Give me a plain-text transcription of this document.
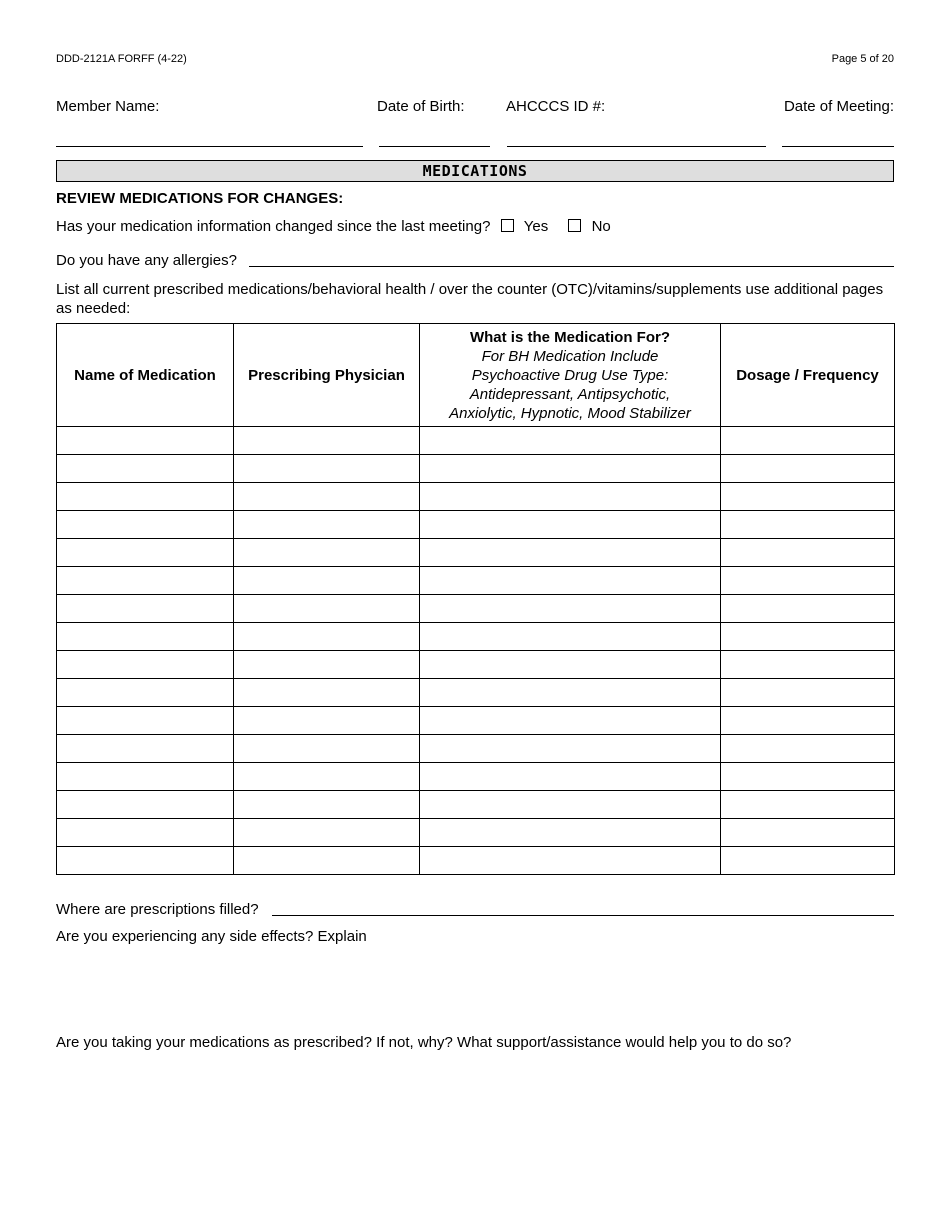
DDD-2121A FORFF (4-22)	Page 5 of 20
Member Name:	Date of Birth:	AHCCCS ID #:	Date of Meeting:
MEDICATIONS
REVIEW MEDICATIONS FOR CHANGES:
Has your medication information changed since the last meeting? Yes	No
Do you have any allergies?
List all current prescribed medications/behavioral health / over the counter (OTC)/vitamins/supplements use additional pages as needed:
Name of Medication	Prescribing Physician	What is the Medication For?
For BH Medication Include
Psychoactive Drug Use Type:
Antidepressant, Antipsychotic,
Anxiolytic, Hypnotic, Mood Stabilizer	Dosage / Frequency

Where are prescriptions filled?
Are you experiencing any side effects? Explain
Are you taking your medications as prescribed? If not, why? What support/assistance would help you to do so?
